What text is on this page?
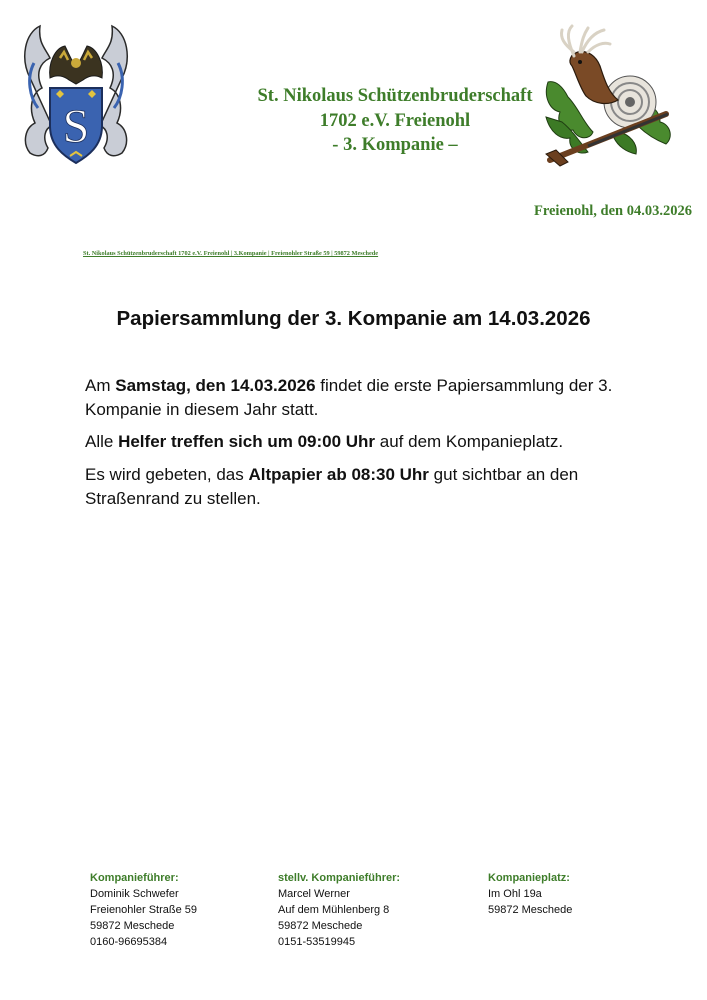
S
St. Nikolaus Schützenbruderschaft
1702 e.V. Freienohl
- 3. Kompanie –
Freienohl, den 04.03.2026
St. Nikolaus Schützenbruderschaft 1702 e.V. Freienohl | 3.Kompanie | Freienohler Straße 59 | 59872 Meschede
Papiersammlung der 3. Kompanie am 14.03.2026
Am Samstag, den 14.03.2026 findet die erste Papiersammlung der 3. Kompanie in diesem Jahr statt.
Alle Helfer treffen sich um 09:00 Uhr auf dem Kompanieplatz.
Es wird gebeten, das Altpapier ab 08:30 Uhr gut sichtbar an den Straßenrand zu stellen.
Kompanieführer:
Dominik Schwefer
Freienohler Straße 59
59872 Meschede
0160-96695384
stellv. Kompanieführer:
Marcel Werner
Auf dem Mühlenberg 8
59872 Meschede
0151-53519945
Kompanieplatz:
Im Ohl 19a
59872 Meschede
